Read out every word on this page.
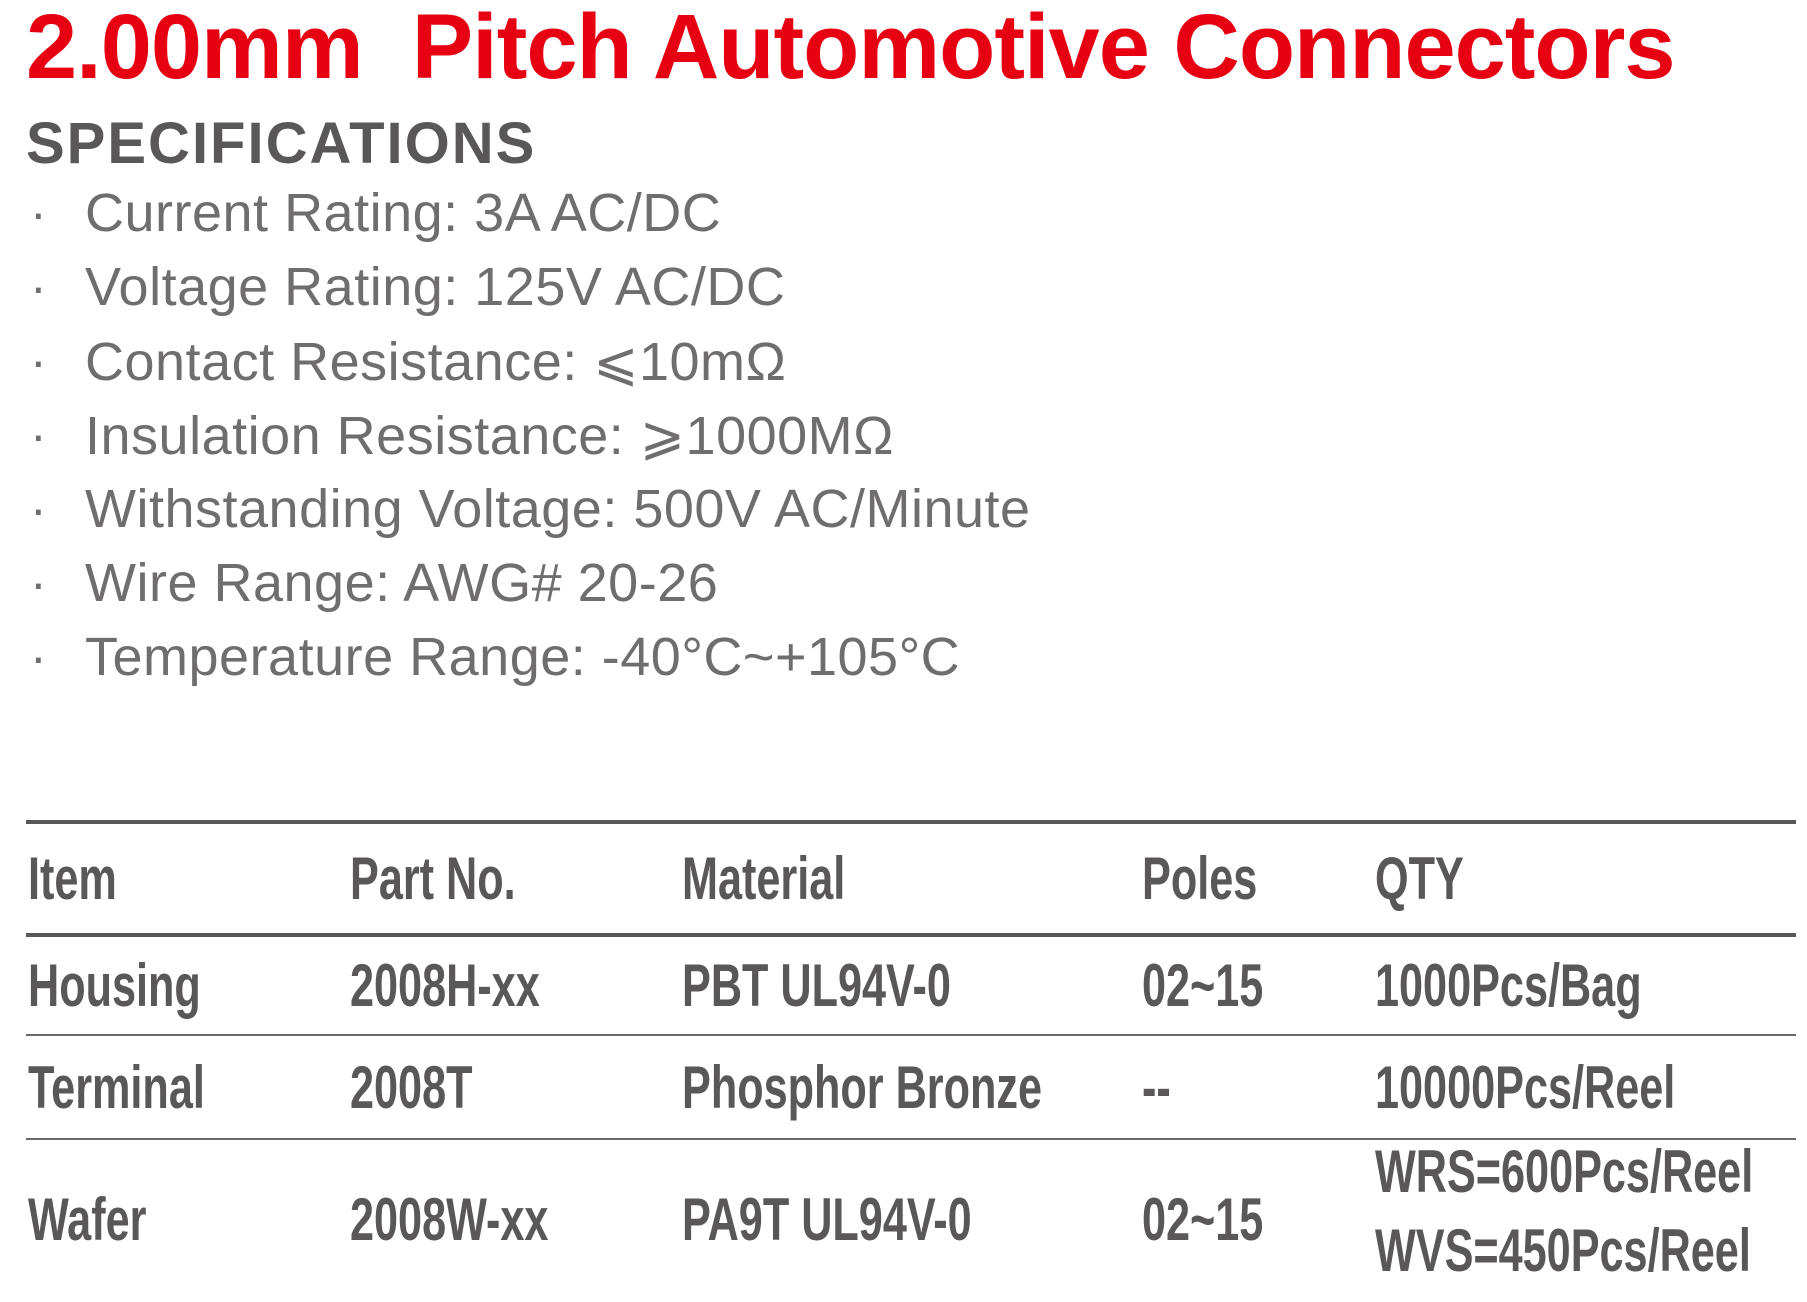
2.00mm  Pitch Automotive Connectors
SPECIFICATIONS
· Current Rating: 3A AC/DC
· Voltage Rating: 125V AC/DC
· Contact Resistance: ⩽10mΩ
· Insulation Resistance: ⩾1000MΩ
· Withstanding Voltage: 500V AC/Minute
· Wire Range: AWG# 20-26
· Temperature Range: -40°C~+105°C
Item	Part No.	Material	Poles	QTY
Housing	2008H-xx	PBT UL94V-0	02~15	1000Pcs/Bag
Terminal	2008T	Phosphor Bronze	--	10000Pcs/Reel
Wafer	2008W-xx	PA9T UL94V-0	02~15
WRS=600Pcs/Reel
WVS=450Pcs/Reel
